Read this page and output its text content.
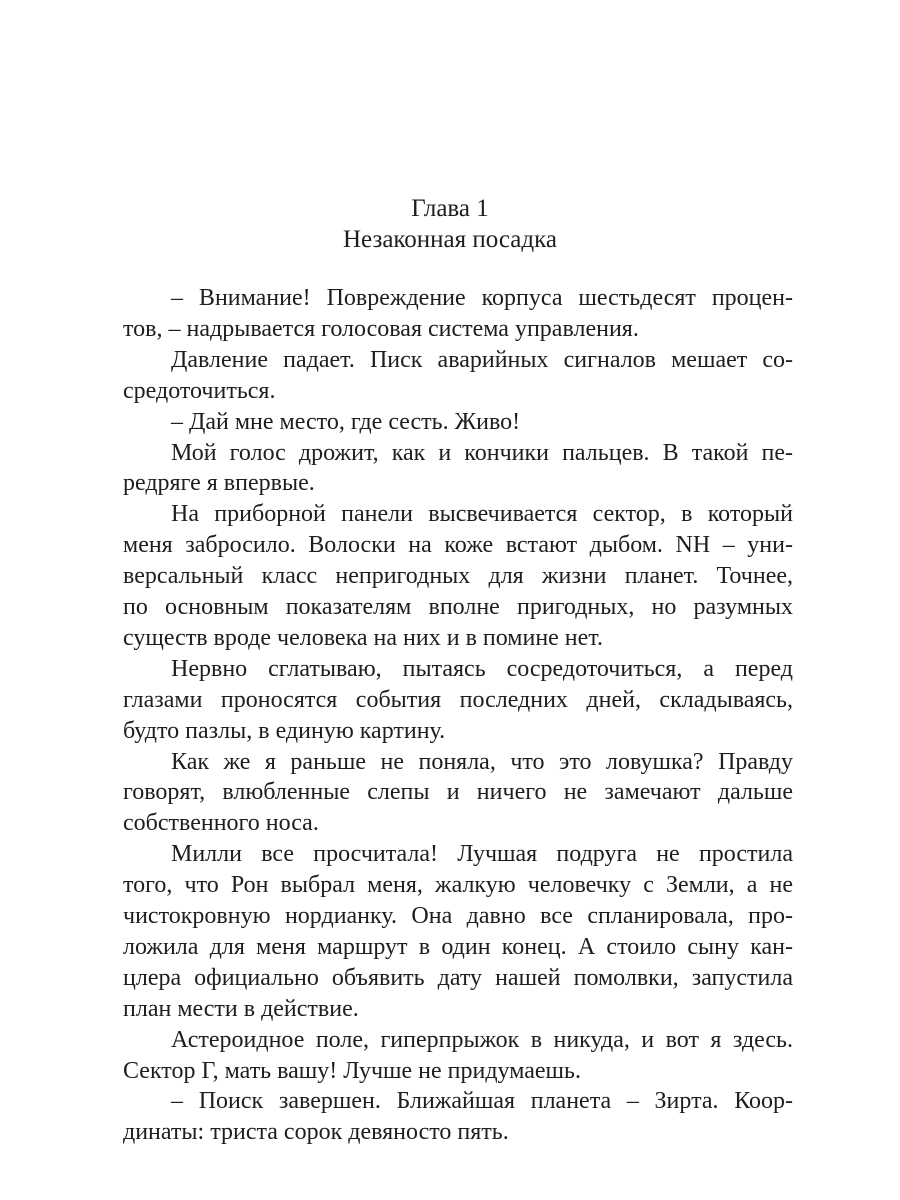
Глава 1
Незаконная посадка
– Внимание! Повреждение корпуса шестьдесят процен-
тов, – надрывается голосовая система управления.
Давление падает. Писк аварийных сигналов мешает со-
средоточиться.
– Дай мне место, где сесть. Живо!
Мой голос дрожит, как и кончики пальцев. В такой пе-
редряге я впервые.
На приборной панели высвечивается сектор, в который
меня забросило. Волоски на коже встают дыбом. NH – уни-
версальный класс непригодных для жизни планет. Точнее,
по основным показателям вполне пригодных, но разумных
существ вроде человека на них и в помине нет.
Нервно сглатываю, пытаясь сосредоточиться, а перед
глазами проносятся события последних дней, складываясь,
будто пазлы, в единую картину.
Как же я раньше не поняла, что это ловушка? Правду
говорят, влюбленные слепы и ничего не замечают дальше
собственного носа.
Милли все просчитала! Лучшая подруга не простила
того, что Рон выбрал меня, жалкую человечку с Земли, а не
чистокровную нордианку. Она давно все спланировала, про-
ложила для меня маршрут в один конец. А стоило сыну кан-
цлера официально объявить дату нашей помолвки, запустила
план мести в действие.
Астероидное поле, гиперпрыжок в никуда, и вот я здесь.
Сектор Г, мать вашу! Лучше не придумаешь.
– Поиск завершен. Ближайшая планета – Зирта. Коор-
динаты: триста сорок девяносто пять.
